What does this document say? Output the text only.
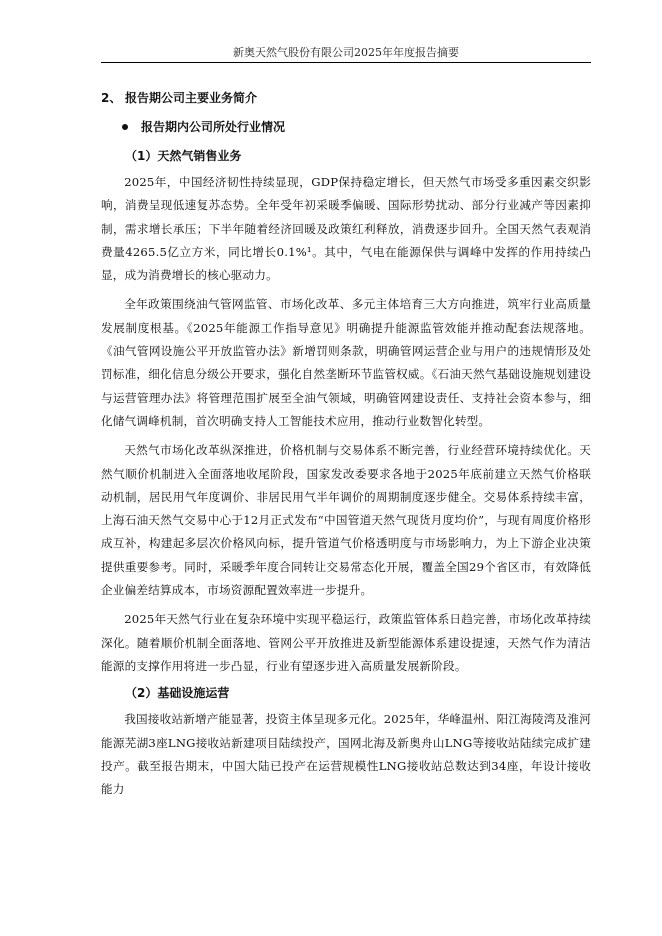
新奥天然气股份有限公司2025年年度报告摘要
2、 报告期公司主要业务简介
报告期内公司所处行业情况
（1）天然气销售业务

2025年，中国经济韧性持续显现，GDP保持稳定增长，但天然气市场受多重因素交织影响，消费呈现低速复苏态势。全年受年初采暖季偏暖、国际形势扰动、部分行业减产等因素抑制，需求增长承压；下半年随着经济回暖及政策红利释放，消费逐步回升。全国天然气表观消费量4265.5亿立方米，同比增长0.1%¹。其中，气电在能源保供与调峰中发挥的作用持续凸显，成为消费增长的核心驱动力。

全年政策围绕油气管网监管、市场化改革、多元主体培育三大方向推进，筑牢行业高质量发展制度根基。《2025年能源工作指导意见》明确提升能源监管效能并推动配套法规落地。《油气管网设施公平开放监管办法》新增罚则条款，明确管网运营企业与用户的违规情形及处罚标准，细化信息分级公开要求，强化自然垄断环节监管权威。《石油天然气基础设施规划建设与运营管理办法》将管理范围扩展至全油气领域，明确管网建设责任、支持社会资本参与，细化储气调峰机制，首次明确支持人工智能技术应用，推动行业数智化转型。

天然气市场化改革纵深推进，价格机制与交易体系不断完善，行业经营环境持续优化。天然气顺价机制进入全面落地收尾阶段，国家发改委要求各地于2025年底前建立天然气价格联动机制，居民用气年度调价、非居民用气半年调价的周期制度逐步健全。交易体系持续丰富，上海石油天然气交易中心于12月正式发布“中国管道天然气现货月度均价”，与现有周度价格形成互补，构建起多层次价格风向标，提升管道气价格透明度与市场影响力，为上下游企业决策提供重要参考。同时，采暖季年度合同转让交易常态化开展，覆盖全国29个省区市，有效降低企业偏差结算成本，市场资源配置效率进一步提升。

2025年天然气行业在复杂环境中实现平稳运行，政策监管体系日趋完善，市场化改革持续深化。随着顺价机制全面落地、管网公平开放推进及新型能源体系建设提速，天然气作为清洁能源的支撑作用将进一步凸显，行业有望逐步进入高质量发展新阶段。

（2）基础设施运营

我国接收站新增产能显著，投资主体呈现多元化。2025年，华峰温州、阳江海陵湾及淮河能源芜湖3座LNG接收站新建项目陆续投产，国网北海及新奥舟山LNG等接收站陆续完成扩建投产。截至报告期末，中国大陆已投产在运营规模性LNG接收站总数达到34座，年设计接收能力
